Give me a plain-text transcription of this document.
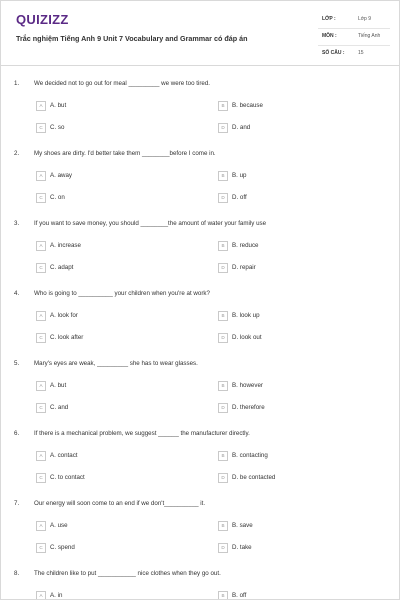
QUIZIZZ
Trắc nghiệm Tiếng Anh 9 Unit 7 Vocabulary and Grammar có đáp án
LỚP :	Lớp 9
MÔN :	Tiếng Anh
SỐ CÂU :	15
1. We decided not to go out for meal _________ we were too tired.
A	A. but	B	B. because
C	C. so	D	D. and
2. My shoes are dirty. I'd better take them ________before I come in.
A	A. away	B	B. up
C	C. on	D	D. off
3. If you want to save money, you should ________the amount of water your family use
A	A. increase	B	B. reduce
C	C. adapt	D	D. repair
4. Who is going to __________ your children when you're at work?
A	A. look for	B	B. look up
C	C. look after	D	D. look out
5. Mary's eyes are weak, _________ she has to wear glasses.
A	A. but	B	B. however
C	C. and	D	D. therefore
6. If there is a mechanical problem, we suggest ______ the manufacturer directly.
A	A. contact	B	B. contacting
C	C. to contact	D	D. be contacted
7. Our energy will soon come to an end if we don't__________ it.
A	A. use	B	B. save
C	C. spend	D	D. take
8. The children like to put ___________ nice clothes when they go out.
A	A. in	B	B. off
